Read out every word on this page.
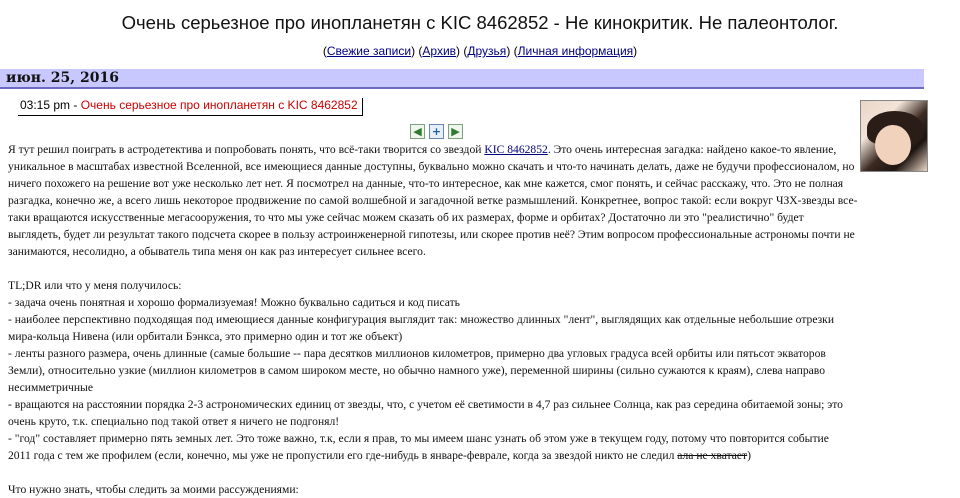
Очень серьезное про инопланетян с KIC 8462852 - Не кинокритик. Не палеонтолог.
(Свежие записи) (Архив) (Друзья) (Личная информация)
июн. 25, 2016
03:15 pm - Очень серьезное про инопланетян с KIC 8462852
◀ + ▶

Я тут решил поиграть в астродетектива и попробовать понять, что всё-таки творится со звездой KIC 8462852. Это очень интересная загадка: найдено какое-то явление, уникальное в масштабах известной Вселенной, все имеющиеся данные доступны, буквально можно скачать и что-то начинать делать, даже не будучи профессионалом, но ничего похожего на решение вот уже несколько лет нет. Я посмотрел на данные, что-то интересное, как мне кажется, смог понять, и сейчас расскажу, что. Это не полная разгадка, конечно же, а всего лишь некоторое продвижение по самой волшебной и загадочной ветке размышлений. Конкретнее, вопрос такой: если вокруг ЧЗХ-звезды все-таки вращаются искусственные мегасооружения, то что мы уже сейчас можем сказать об их размерах, форме и орбитах? Достаточно ли это "реалистично" будет выглядеть, будет ли результат такого подсчета скорее в пользу астроинженерной гипотезы, или скорее против неё? Этим вопросом профессиональные астрономы почти не занимаются, несолидно, а обыватель типа меня он как раз интересует сильнее всего.

TL;DR или что у меня получилось:

- задача очень понятная и хорошо формализуемая! Можно буквально садиться и код писать

- наиболее перспективно подходящая под имеющиеся данные конфигурация выглядит так: множество длинных "лент", выглядящих как отдельные небольшие отрезки мира-кольца Нивена (или орбитали Бэнкса, это примерно один и тот же объект)

- ленты разного размера, очень длинные (самые большие -- пара десятков миллионов километров, примерно два угловых градуса всей орбиты или пятьсот экваторов Земли), относительно узкие (миллион километров в самом широком месте, но обычно намного уже), переменной ширины (сильно сужаются к краям), слева направо несимметричные

- вращаются на расстоянии порядка 2-3 астрономических единиц от звезды, что, с учетом её светимости в 4,7 раз сильнее Солнца, как раз середина обитаемой зоны; это очень круто, т.к. специально под такой ответ я ничего не подгонял!

- "год" составляет примерно пять земных лет. Это тоже важно, т.к, если я прав, то мы имеем шанс узнать об этом уже в текущем году, потому что повторится событие 2011 года с тем же профилем (если, конечно, мы уже не пропустили его где-нибудь в январе-феврале, когда за звездой никто не следил ала не хватает)

Что нужно знать, чтобы следить за моими рассуждениями:
